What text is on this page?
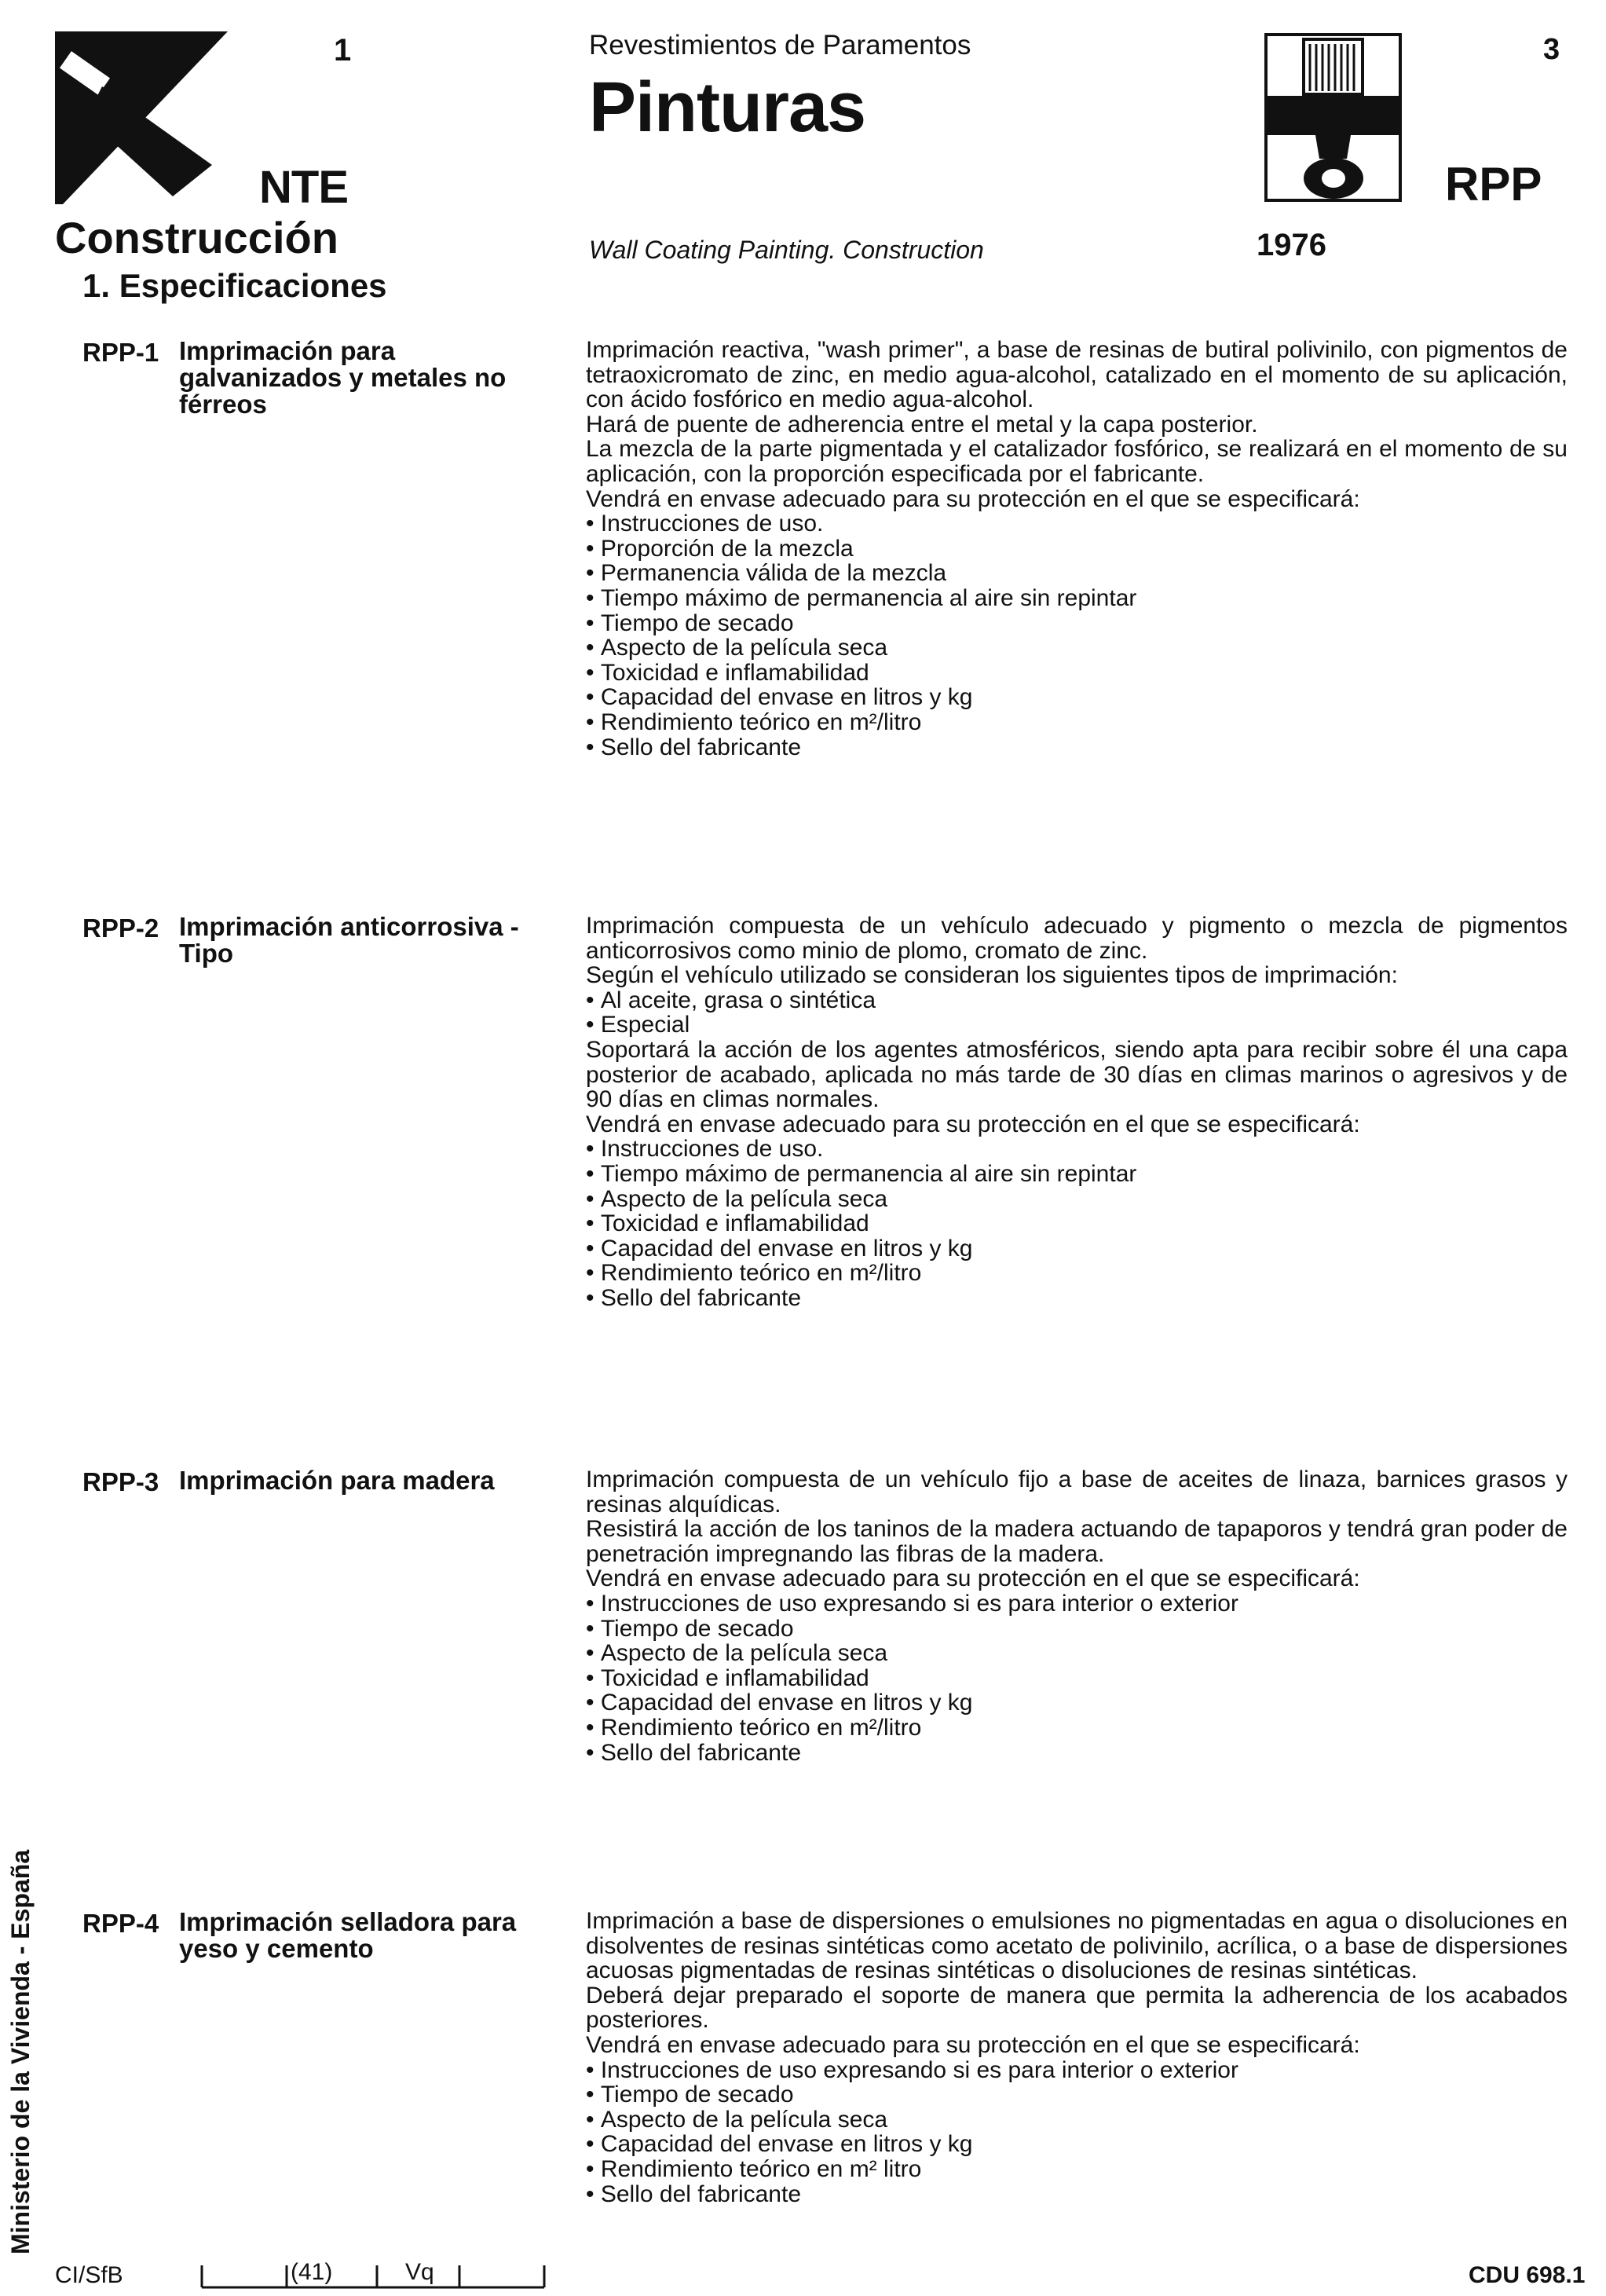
1
NTE
Construcción
1. Especificaciones
Revestimientos de Paramentos
Pinturas
Wall Coating Painting. Construction	1976
3
RPP
RPP-1 Imprimación para galvanizados y metales no férreos

Imprimación reactiva, "wash primer", a base de resinas de butiral polivinilo, con pigmentos de tetraoxicromato de zinc, en medio agua-alcohol, catalizado en el momento de su aplicación, con ácido fosfórico en medio agua-alcohol.

Hará de puente de adherencia entre el metal y la capa posterior.

La mezcla de la parte pigmentada y el catalizador fosfórico, se realizará en el momento de su aplicación, con la proporción especificada por el fabricante.

Vendrá en envase adecuado para su protección en el que se especificará:

• Instrucciones de uso.
• Proporción de la mezcla
• Permanencia válida de la mezcla
• Tiempo máximo de permanencia al aire sin repintar
• Tiempo de secado
• Aspecto de la película seca
• Toxicidad e inflamabilidad
• Capacidad del envase en litros y kg
• Rendimiento teórico en m²/litro
• Sello del fabricante
RPP-2 Imprimación anticorrosiva -Tipo

Imprimación compuesta de un vehículo adecuado y pigmento o mezcla de pigmentos anticorrosivos como minio de plomo, cromato de zinc.

Según el vehículo utilizado se consideran los siguientes tipos de imprimación:

• Al aceite, grasa o sintética
• Especial

Soportará la acción de los agentes atmosféricos, siendo apta para recibir sobre él una capa posterior de acabado, aplicada no más tarde de 30 días en climas marinos o agresivos y de 90 días en climas normales.

Vendrá en envase adecuado para su protección en el que se especificará:

• Instrucciones de uso.
• Tiempo máximo de permanencia al aire sin repintar
• Aspecto de la película seca
• Toxicidad e inflamabilidad
• Capacidad del envase en litros y kg
• Rendimiento teórico en m²/litro
• Sello del fabricante
RPP-3 Imprimación para madera	Imprimación compuesta de un vehículo fijo a base de aceites de linaza, barnices grasos y resinas alquídicas.

Resistirá la acción de los taninos de la madera actuando de tapaporos y tendrá gran poder de penetración impregnando las fibras de la madera.

Vendrá en envase adecuado para su protección en el que se especificará:

• Instrucciones de uso expresando si es para interior o exterior
• Tiempo de secado
• Aspecto de la película seca
• Toxicidad e inflamabilidad
• Capacidad del envase en litros y kg
• Rendimiento teórico en m²/litro
• Sello del fabricante
RPP-4 Imprimación selladora para yeso y cemento

Imprimación a base de dispersiones o emulsiones no pigmentadas en agua o disoluciones en disolventes de resinas sintéticas como acetato de polivinilo, acrílica, o a base de dispersiones acuosas pigmentadas de resinas sintéticas o disoluciones de resinas sintéticas.

Deberá dejar preparado el soporte de manera que permita la adherencia de los acabados posteriores.

Vendrá en envase adecuado para su protección en el que se especificará:

• Instrucciones de uso expresando si es para interior o exterior
• Tiempo de secado
• Aspecto de la película seca
• Capacidad del envase en litros y kg
• Rendimiento teórico en m² litro
• Sello del fabricante
Ministerio de la Vivienda - España
CI/SfB	(41)	Vq	CDU 698.1
